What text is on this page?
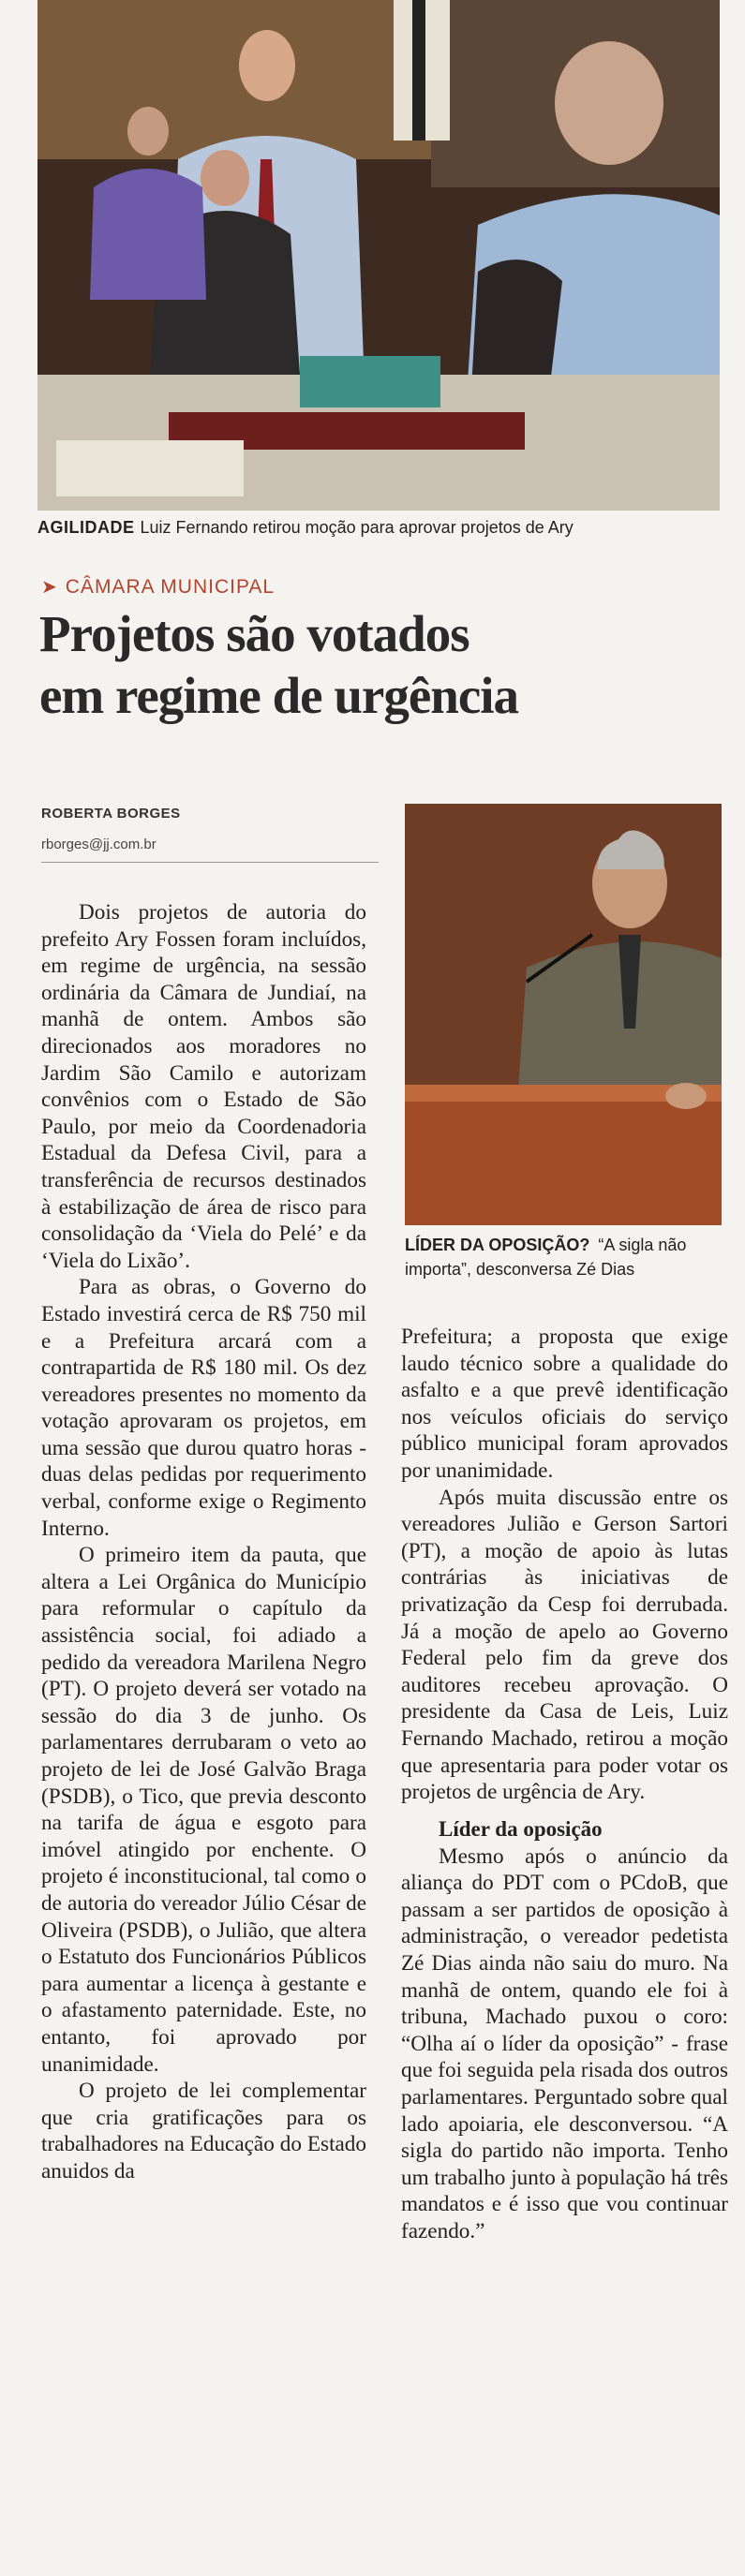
AGILIDADE Luiz Fernando retirou moção para aprovar projetos de Ary
➤ CÂMARA MUNICIPAL
Projetos são votados
em regime de urgência
ROBERTA BORGES
rborges@jj.com.br

Dois projetos de autoria do prefeito Ary Fossen foram incluídos, em regime de urgência, na sessão ordinária da Câmara de Jundiaí, na manhã de ontem. Ambos são direcionados aos moradores no Jardim São Camilo e autorizam convênios com o Estado de São Paulo, por meio da Coordenadoria Estadual da Defesa Civil, para a transferência de recursos destinados à estabilização de área de risco para consolidação da ‘Viela do Pelé’ e da ‘Viela do Lixão’.

Para as obras, o Governo do Estado investirá cerca de R$ 750 mil e a Prefeitura arcará com a contrapartida de R$ 180 mil. Os dez vereadores presentes no momento da votação aprovaram os projetos, em uma sessão que durou quatro horas - duas delas pedidas por requerimento verbal, conforme exige o Regimento Interno.

O primeiro item da pauta, que altera a Lei Orgânica do Município para reformular o capítulo da assistência social, foi adiado a pedido da vereadora Marilena Negro (PT). O projeto deverá ser votado na sessão do dia 3 de junho. Os parlamentares derrubaram o veto ao projeto de lei de José Galvão Braga (PSDB), o Tico, que previa desconto na tarifa de água e esgoto para imóvel atingido por enchente. O projeto é inconstitucional, tal como o de autoria do vereador Júlio César de Oliveira (PSDB), o Julião, que altera o Estatuto dos Funcionários Públicos para aumentar a licença à gestante e o afastamento paternidade. Este, no entanto, foi aprovado por unanimidade.

O projeto de lei complementar que cria gratificações para os trabalhadores na Educação do Estado anuidos da

LÍDER DA OPOSIÇÃO? “A sigla não importa”, desconversa Zé Dias

Prefeitura; a proposta que exige laudo técnico sobre a qualidade do asfalto e a que prevê identificação nos veículos oficiais do serviço público municipal foram aprovados por unanimidade.

Após muita discussão entre os vereadores Julião e Gerson Sartori (PT), a moção de apoio às lutas contrárias às iniciativas de privatização da Cesp foi derrubada. Já a moção de apelo ao Governo Federal pelo fim da greve dos auditores recebeu aprovação. O presidente da Casa de Leis, Luiz Fernando Machado, retirou a moção que apresentaria para poder votar os projetos de urgência de Ary.

Líder da oposição

Mesmo após o anúncio da aliança do PDT com o PCdoB, que passam a ser partidos de oposição à administração, o vereador pedetista Zé Dias ainda não saiu do muro. Na manhã de ontem, quando ele foi à tribuna, Machado puxou o coro: “Olha aí o líder da oposição” - frase que foi seguida pela risada dos outros parlamentares. Perguntado sobre qual lado apoiaria, ele desconversou. “A sigla do partido não importa. Tenho um trabalho junto à população há três mandatos e é isso que vou continuar fazendo.”
